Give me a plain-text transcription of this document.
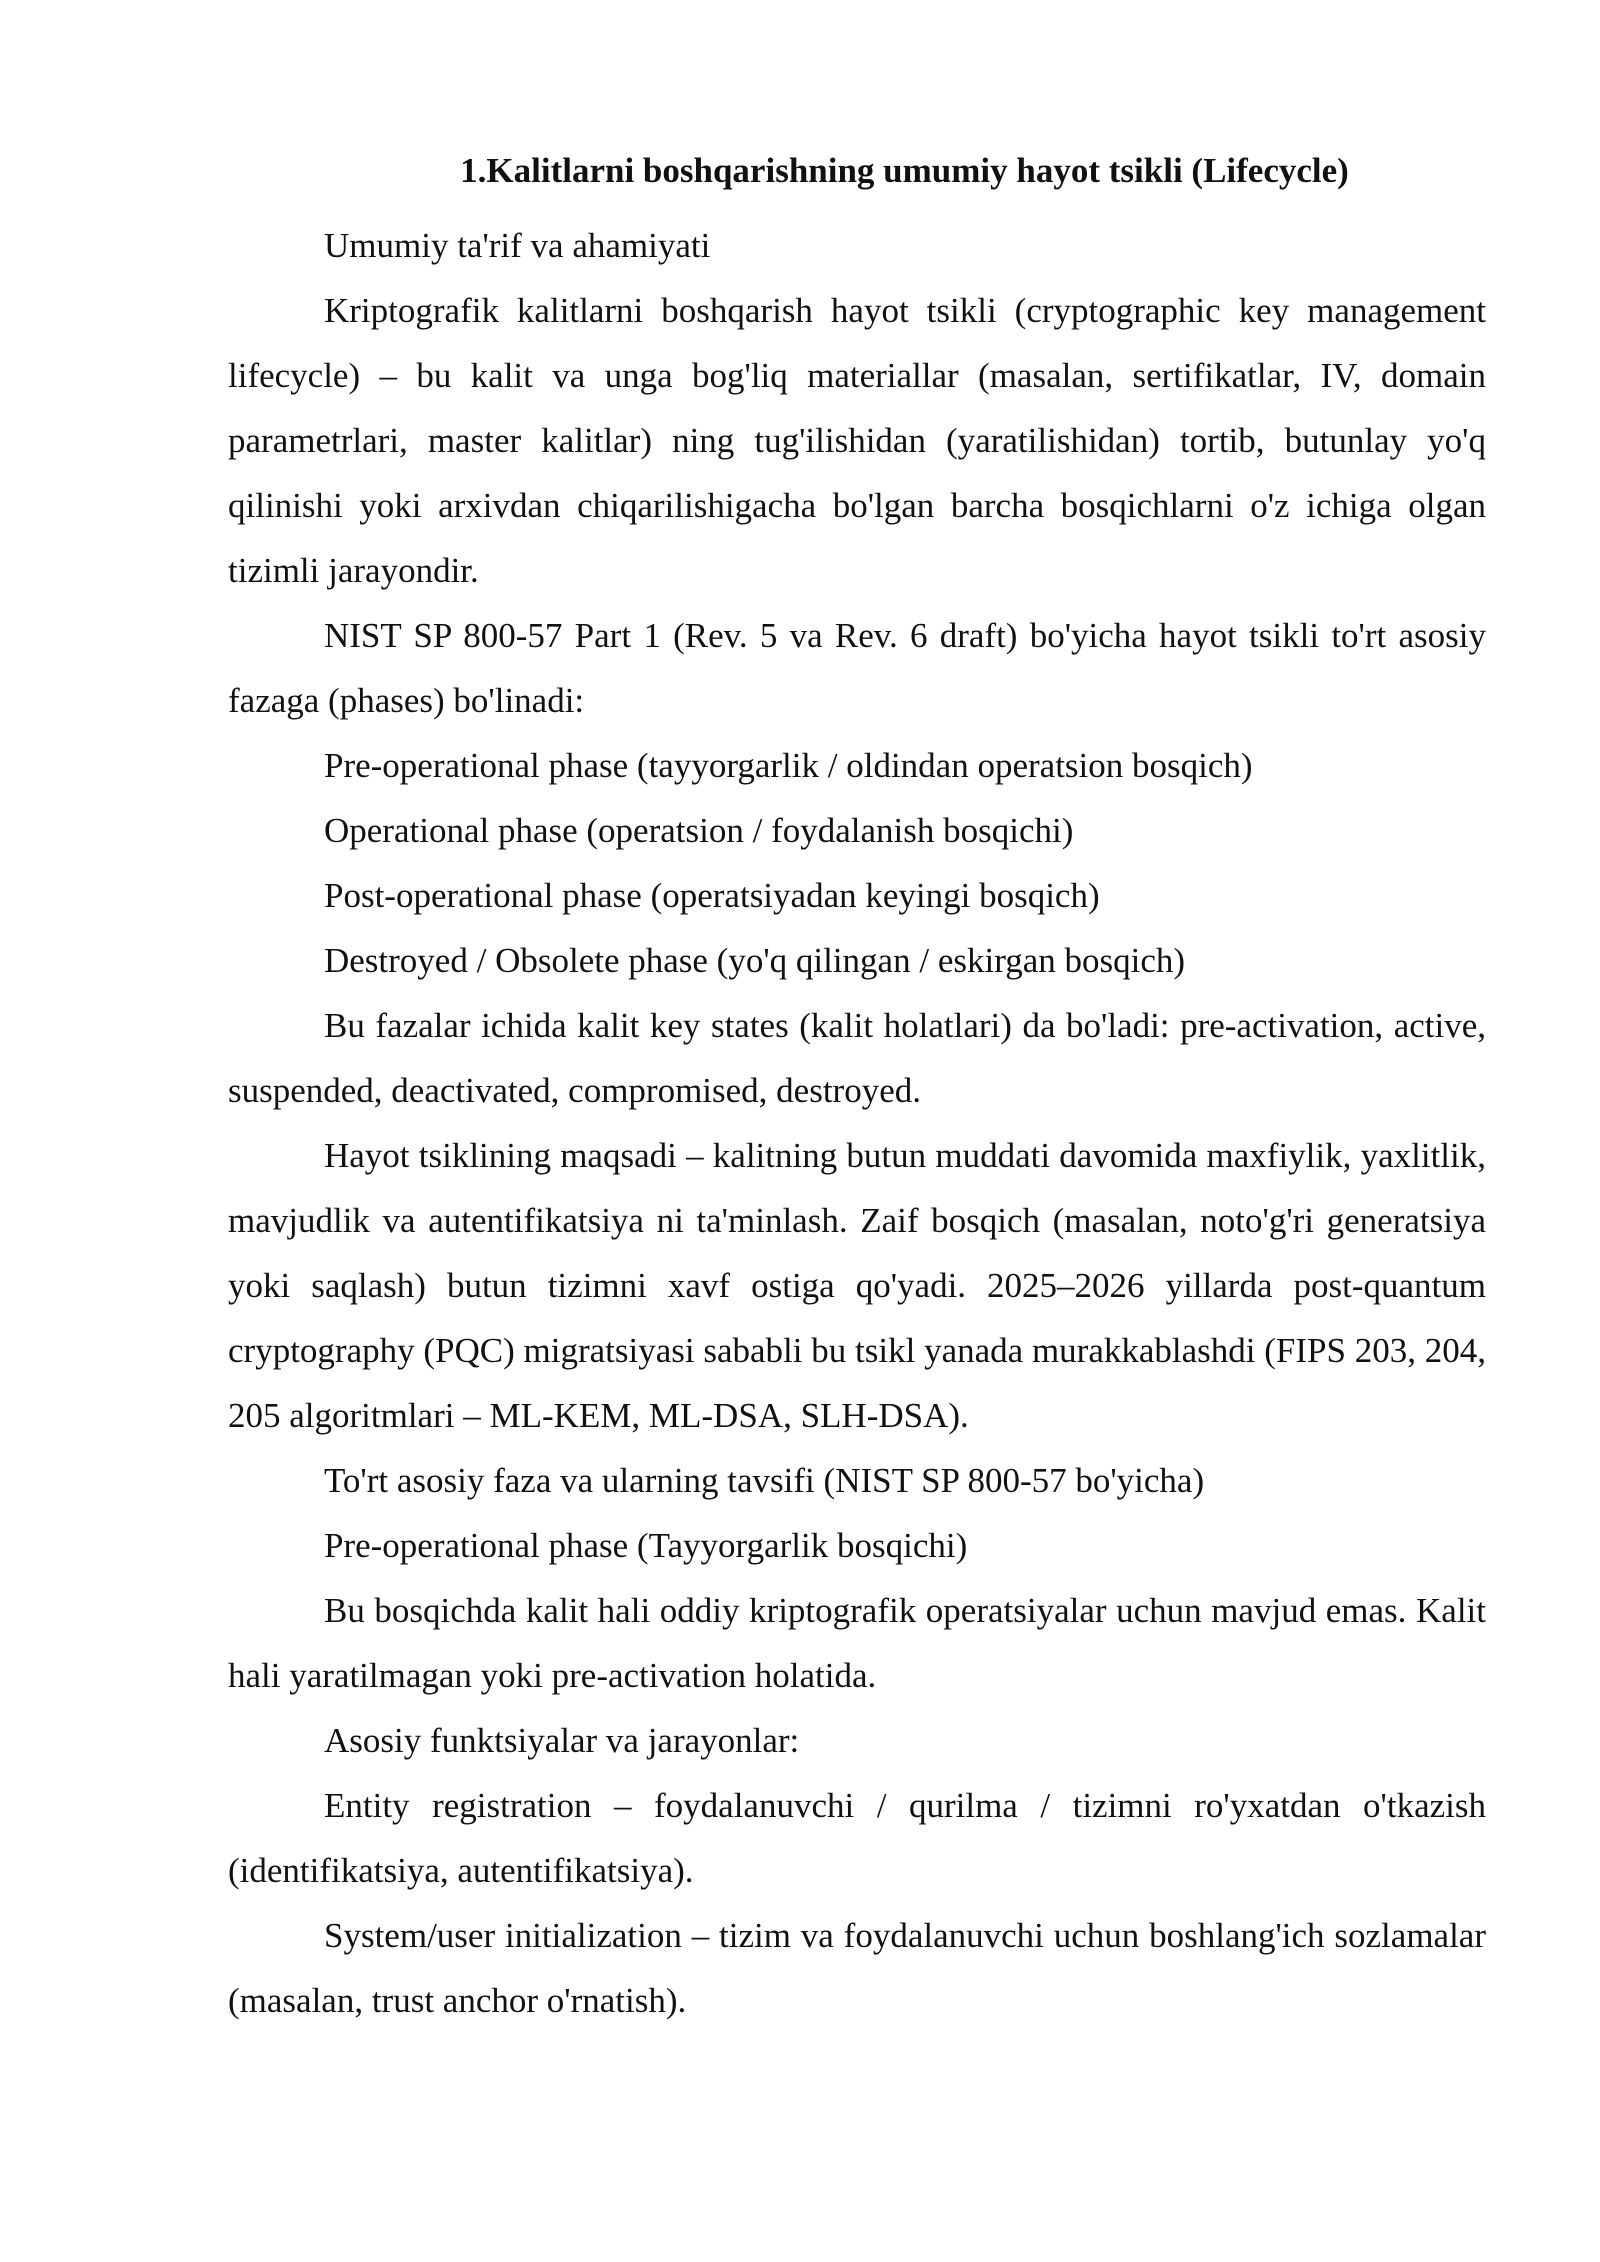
1.Kalitlarni boshqarishning umumiy hayot tsikli (Lifecycle)

Umumiy ta'rif va ahamiyati

Kriptografik kalitlarni boshqarish hayot tsikli (cryptographic key management lifecycle) – bu kalit va unga bog'liq materiallar (masalan, sertifikatlar, IV, domain parametrlari, master kalitlar) ning tug'ilishidan (yaratilishidan) tortib, butunlay yo'q qilinishi yoki arxivdan chiqarilishigacha bo'lgan barcha bosqichlarni o'z ichiga olgan tizimli jarayondir.

NIST SP 800-57 Part 1 (Rev. 5 va Rev. 6 draft) bo'yicha hayot tsikli to'rt asosiy fazaga (phases) bo'linadi:

Pre-operational phase (tayyorgarlik / oldindan operatsion bosqich)

Operational phase (operatsion / foydalanish bosqichi)

Post-operational phase (operatsiyadan keyingi bosqich)

Destroyed / Obsolete phase (yo'q qilingan / eskirgan bosqich)

Bu fazalar ichida kalit key states (kalit holatlari) da bo'ladi: pre-activation, active, suspended, deactivated, compromised, destroyed.

Hayot tsiklining maqsadi – kalitning butun muddati davomida maxfiylik, yaxlitlik, mavjudlik va autentifikatsiya ni ta'minlash. Zaif bosqich (masalan, noto'g'ri generatsiya yoki saqlash) butun tizimni xavf ostiga qo'yadi. 2025–2026 yillarda post-quantum cryptography (PQC) migratsiyasi sababli bu tsikl yanada murakkablashdi (FIPS 203, 204, 205 algoritmlari – ML-KEM, ML-DSA, SLH-DSA).

To'rt asosiy faza va ularning tavsifi (NIST SP 800-57 bo'yicha)

Pre-operational phase (Tayyorgarlik bosqichi)

Bu bosqichda kalit hali oddiy kriptografik operatsiyalar uchun mavjud emas. Kalit hali yaratilmagan yoki pre-activation holatida.

Asosiy funktsiyalar va jarayonlar:

Entity registration – foydalanuvchi / qurilma / tizimni ro'yxatdan o'tkazish (identifikatsiya, autentifikatsiya).

System/user initialization – tizim va foydalanuvchi uchun boshlang'ich sozlamalar (masalan, trust anchor o'rnatish).
